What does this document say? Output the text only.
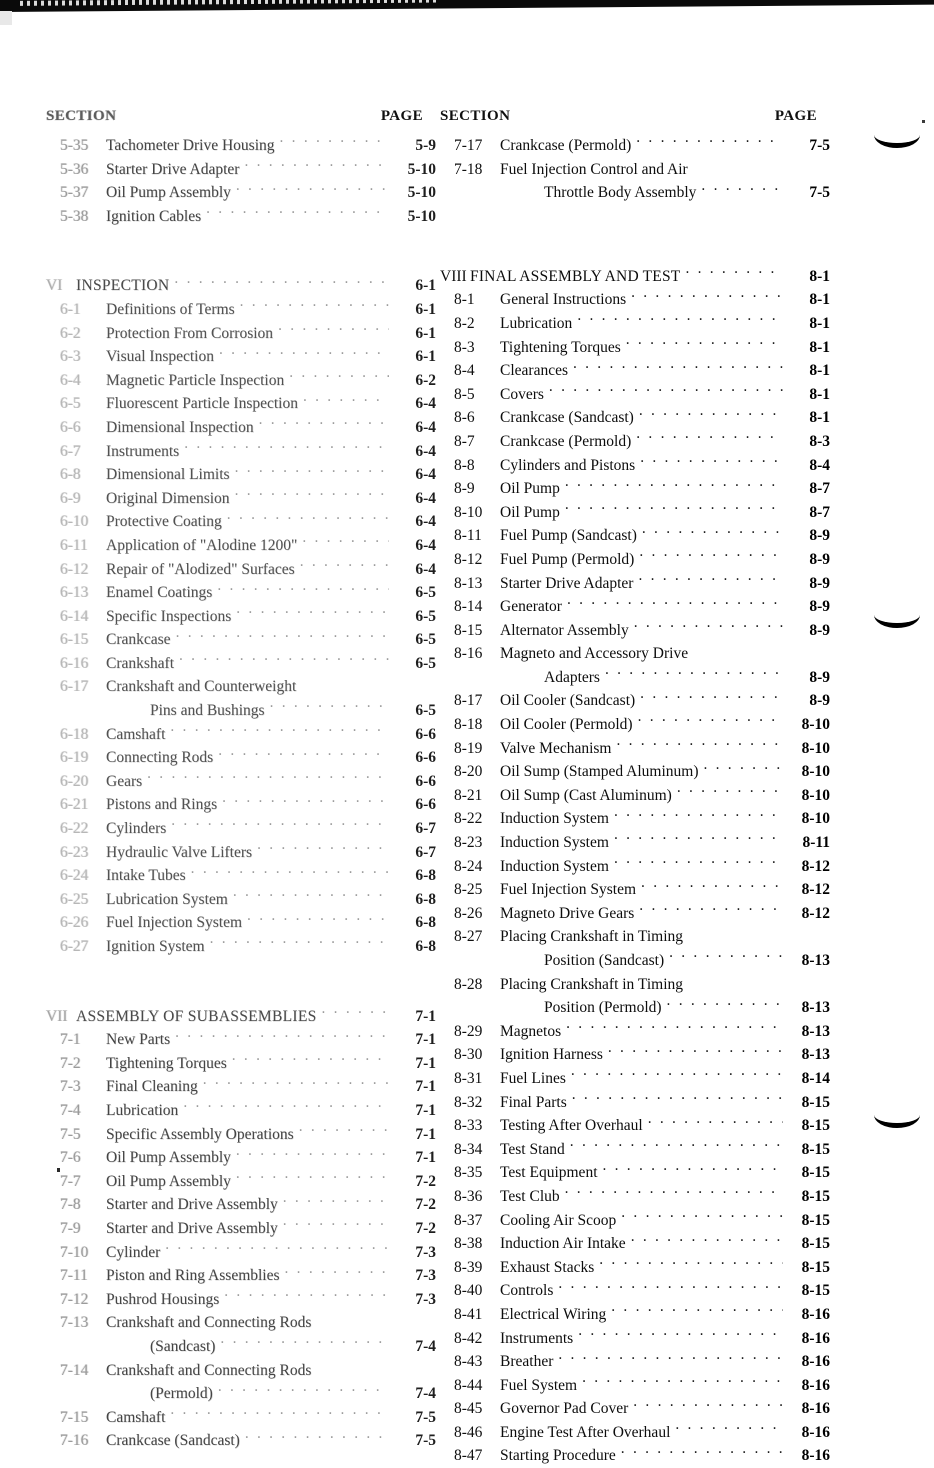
SECTION	PAGE
5-35	Tachometer Drive Housing . . .	5-9
5-36	Starter Drive Adapter . . .	5-10
5-37	Oil Pump Assembly . . .	5-10
5-38	Ignition Cables . . .	5-10
VI INSPECTION . . .	6-1
6-1	Definitions of Terms . . .	6-1
6-2	Protection From Corrosion . . .	6-1
6-3	Visual Inspection . . .	6-1
6-4	Magnetic Particle Inspection . . .	6-2
6-5	Fluorescent Particle Inspection . . .	6-4
6-6	Dimensional Inspection . . .	6-4
6-7	Instruments . . .	6-4
6-8	Dimensional Limits . . .	6-4
6-9	Original Dimension . . .	6-4
6-10	Protective Coating . . .	6-4
6-11	Application of "Alodine 1200" . . .	6-4
6-12	Repair of "Alodized" Surfaces . . .	6-4
6-13	Enamel Coatings . . .	6-5
6-14	Specific Inspections . . .	6-5
6-15	Crankcase . . .	6-5
6-16	Crankshaft . . .	6-5
6-17	Crankshaft and Counterweight
Pins and Bushings . . .	6-5
6-18	Camshaft . . .	6-6
6-19	Connecting Rods . . .	6-6
6-20	Gears . . .	6-6
6-21	Pistons and Rings . . .	6-6
6-22	Cylinders . . .	6-7
6-23	Hydraulic Valve Lifters . . .	6-7
6-24	Intake Tubes . . .	6-8
6-25	Lubrication System . . .	6-8
6-26	Fuel Injection System . . .	6-8
6-27	Ignition System . . .	6-8
VII ASSEMBLY OF SUBASSEMBLIES . . .	7-1
7-1	New Parts . . .	7-1
7-2	Tightening Torques . . .	7-1
7-3	Final Cleaning . . .	7-1
7-4	Lubrication . . .	7-1
7-5	Specific Assembly Operations . . .	7-1
7-6	Oil Pump Assembly . . .	7-1
7-7	Oil Pump Assembly . . .	7-2
7-8	Starter and Drive Assembly . . .	7-2
7-9	Starter and Drive Assembly . . .	7-2
7-10	Cylinder . . .	7-3
7-11	Piston and Ring Assemblies . . .	7-3
7-12	Pushrod Housings . . .	7-3
7-13	Crankshaft and Connecting Rods
(Sandcast) . . .	7-4
7-14	Crankshaft and Connecting Rods
(Permold) . . .	7-4
7-15	Camshaft . . .	7-5
7-16	Crankcase (Sandcast) . . .	7-5
SECTION	PAGE
7-17	Crankcase (Permold) . . .	7-5
7-18	Fuel Injection Control and Air
Throttle Body Assembly . . .	7-5
VIII FINAL ASSEMBLY AND TEST . . .	8-1
8-1	General Instructions . . .	8-1
8-2	Lubrication . . .	8-1
8-3	Tightening Torques . . .	8-1
8-4	Clearances . . .	8-1
8-5	Covers . . .	8-1
8-6	Crankcase (Sandcast) . . .	8-1
8-7	Crankcase (Permold) . . .	8-3
8-8	Cylinders and Pistons . . .	8-4
8-9	Oil Pump . . .	8-7
8-10	Oil Pump . . .	8-7
8-11	Fuel Pump (Sandcast) . . .	8-9
8-12	Fuel Pump (Permold) . . .	8-9
8-13	Starter Drive Adapter . . .	8-9
8-14	Generator . . .	8-9
8-15	Alternator Assembly . . .	8-9
8-16	Magneto and Accessory Drive
Adapters . . .	8-9
8-17	Oil Cooler (Sandcast) . . .	8-9
8-18	Oil Cooler (Permold) . . .	8-10
8-19	Valve Mechanism . . .	8-10
8-20	Oil Sump (Stamped Aluminum) . . .	8-10
8-21	Oil Sump (Cast Aluminum) . . .	8-10
8-22	Induction System . . .	8-10
8-23	Induction System . . .	8-11
8-24	Induction System . . .	8-12
8-25	Fuel Injection System . . .	8-12
8-26	Magneto Drive Gears . . .	8-12
8-27	Placing Crankshaft in Timing
Position (Sandcast) . . .	8-13
8-28	Placing Crankshaft in Timing
Position (Permold) . . .	8-13
8-29	Magnetos . . .	8-13
8-30	Ignition Harness . . .	8-13
8-31	Fuel Lines . . .	8-14
8-32	Final Parts . . .	8-15
8-33	Testing After Overhaul . . .	8-15
8-34	Test Stand . . .	8-15
8-35	Test Equipment . . .	8-15
8-36	Test Club . . .	8-15
8-37	Cooling Air Scoop . . .	8-15
8-38	Induction Air Intake . . .	8-15
8-39	Exhaust Stacks . . .	8-15
8-40	Controls . . .	8-15
8-41	Electrical Wiring . . .	8-16
8-42	Instruments . . .	8-16
8-43	Breather . . .	8-16
8-44	Fuel System . . .	8-16
8-45	Governor Pad Cover . . .	8-16
8-46	Engine Test After Overhaul . . .	8-16
8-47	Starting Procedure . . .	8-16
